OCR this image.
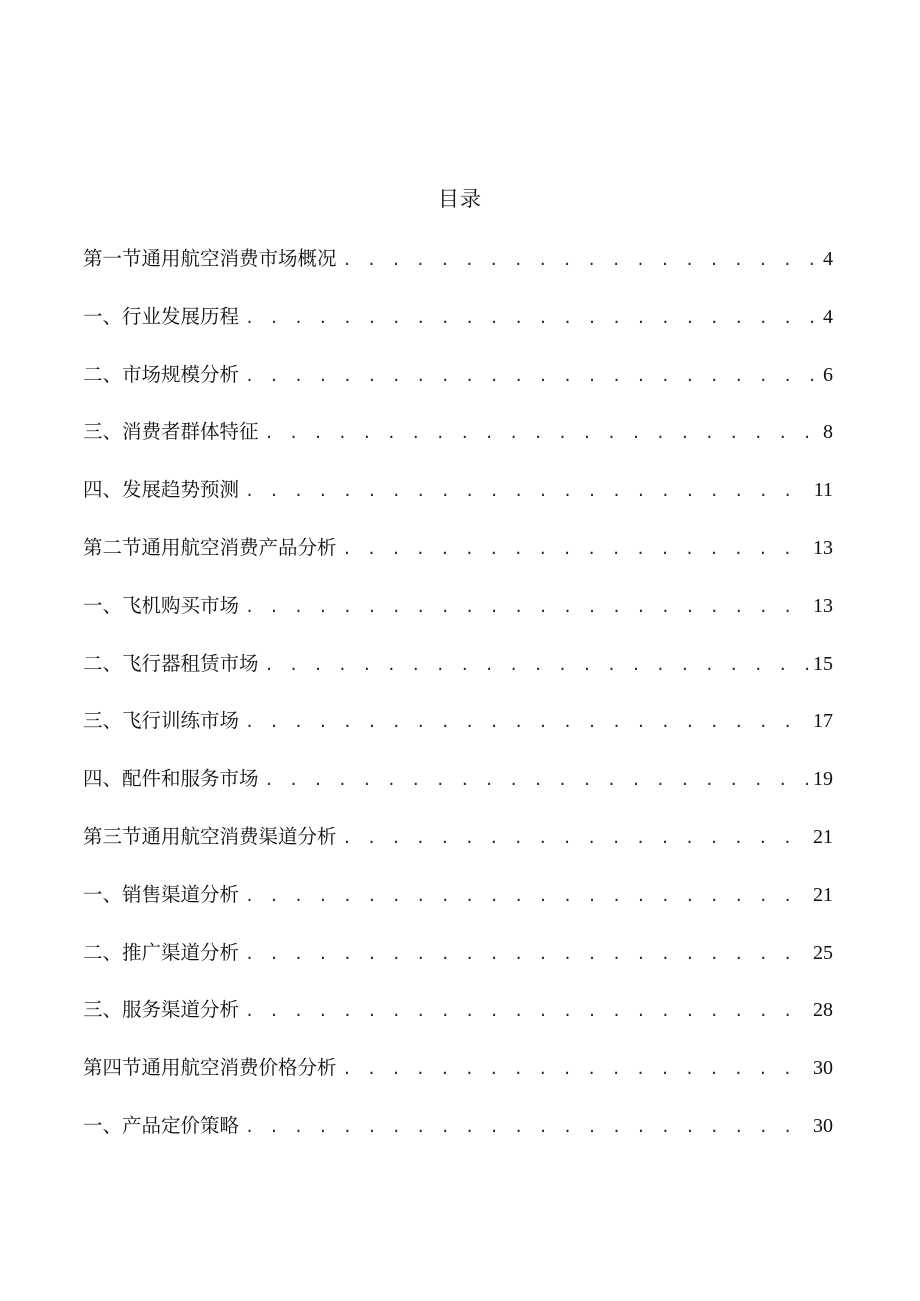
目录
第一节通用航空消费市场概况 . . .	4
一、行业发展历程 . . .	4
二、市场规模分析 . . .	6
三、消费者群体特征 . . .	8
四、发展趋势预测 . . .	11
第二节通用航空消费产品分析 . . .	13
一、飞机购买市场 . . .	13
二、飞行器租赁市场 . . .	15
三、飞行训练市场 . . .	17
四、配件和服务市场 . . .	19
第三节通用航空消费渠道分析 . . .	21
一、销售渠道分析 . . .	21
二、推广渠道分析 . . .	25
三、服务渠道分析 . . .	28
第四节通用航空消费价格分析 . . .	30
一、产品定价策略 . . .	30
